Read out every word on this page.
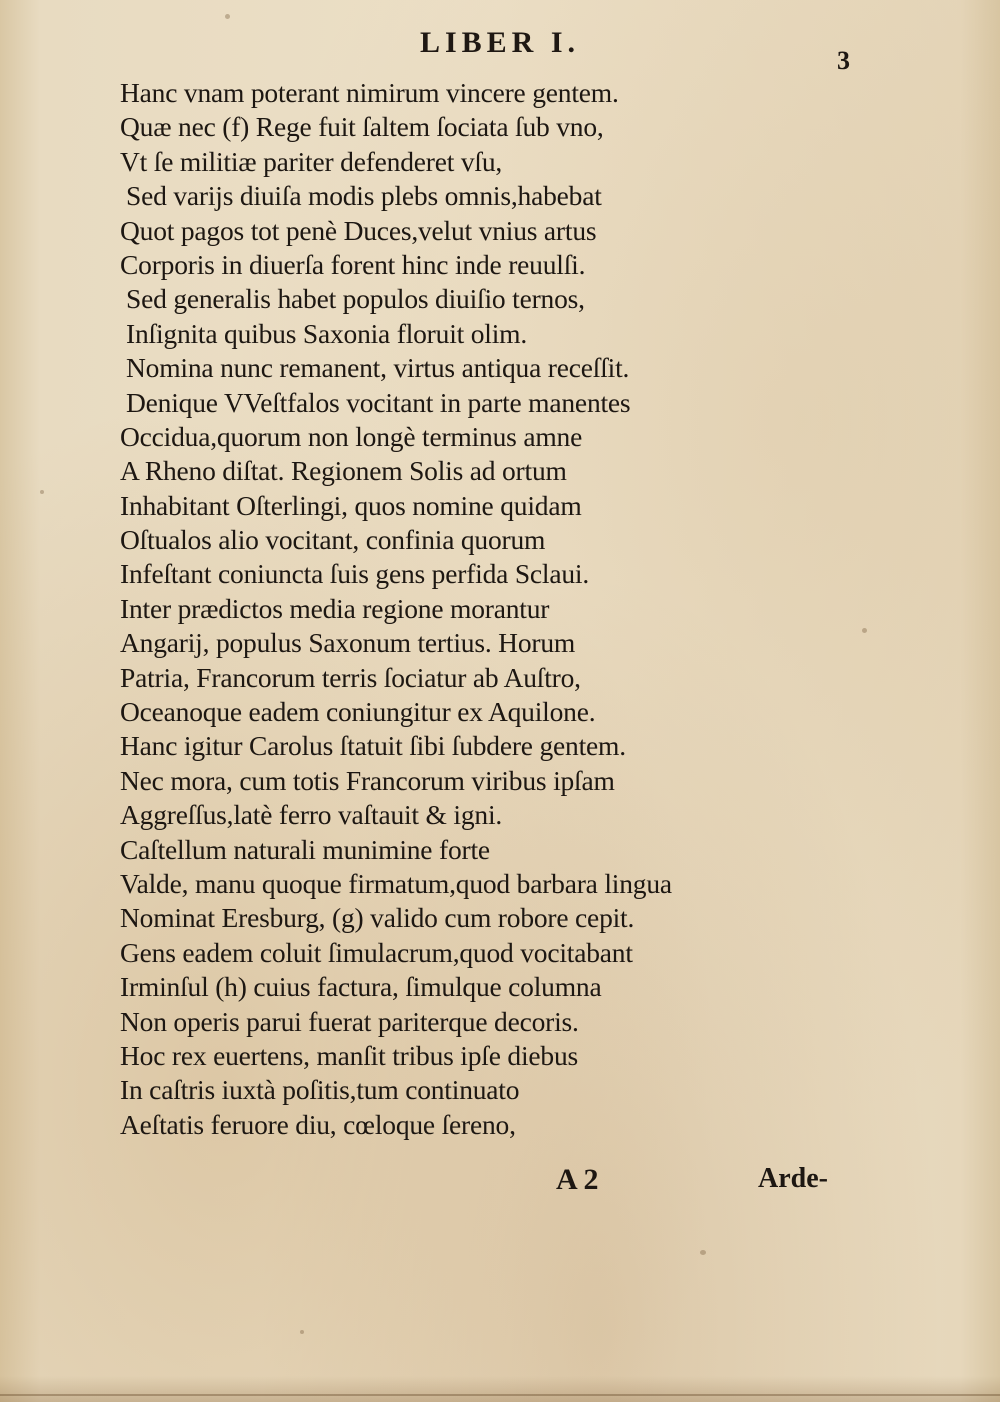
LIBER I.
3
Hanc vnam poterant nimirum vincere gentem.
Quæ nec (f) Rege fuit ſaltem ſociata ſub vno,
Vt ſe militiæ pariter defenderet vſu,
Sed varijs diuiſa modis plebs omnis,habebat
Quot pagos tot penè Duces,velut vnius artus
Corporis in diuerſa forent hinc inde reuulſi.
Sed generalis habet populos diuiſio ternos,
Inſignita quibus Saxonia floruit olim.
Nomina nunc remanent, virtus antiqua receſſit.
Denique VVeſtfalos vocitant in parte manentes
Occidua,quorum non longè terminus amne
A Rheno diſtat. Regionem Solis ad ortum
Inhabitant Oſterlingi, quos nomine quidam
Oſtualos alio vocitant, confinia quorum
Infeſtant coniuncta ſuis gens perfida Sclaui.
Inter prædictos media regione morantur
Angarij, populus Saxonum tertius. Horum
Patria, Francorum terris ſociatur ab Auſtro,
Oceanoque eadem coniungitur ex Aquilone.
Hanc igitur Carolus ſtatuit ſibi ſubdere gentem.
Nec mora, cum totis Francorum viribus ipſam
Aggreſſus,latè ferro vaſtauit & igni.
Caſtellum naturali munimine forte
Valde, manu quoque firmatum,quod barbara lingua
Nominat Eresburg, (g) valido cum robore cepit.
Gens eadem coluit ſimulacrum,quod vocitabant
Irminſul (h) cuius factura, ſimulque columna
Non operis parui fuerat pariterque decoris.
Hoc rex euertens, manſit tribus ipſe diebus
In caſtris iuxtà poſitis,tum continuato
Aeſtatis feruore diu, cœloque ſereno,
A 2	Arde-
